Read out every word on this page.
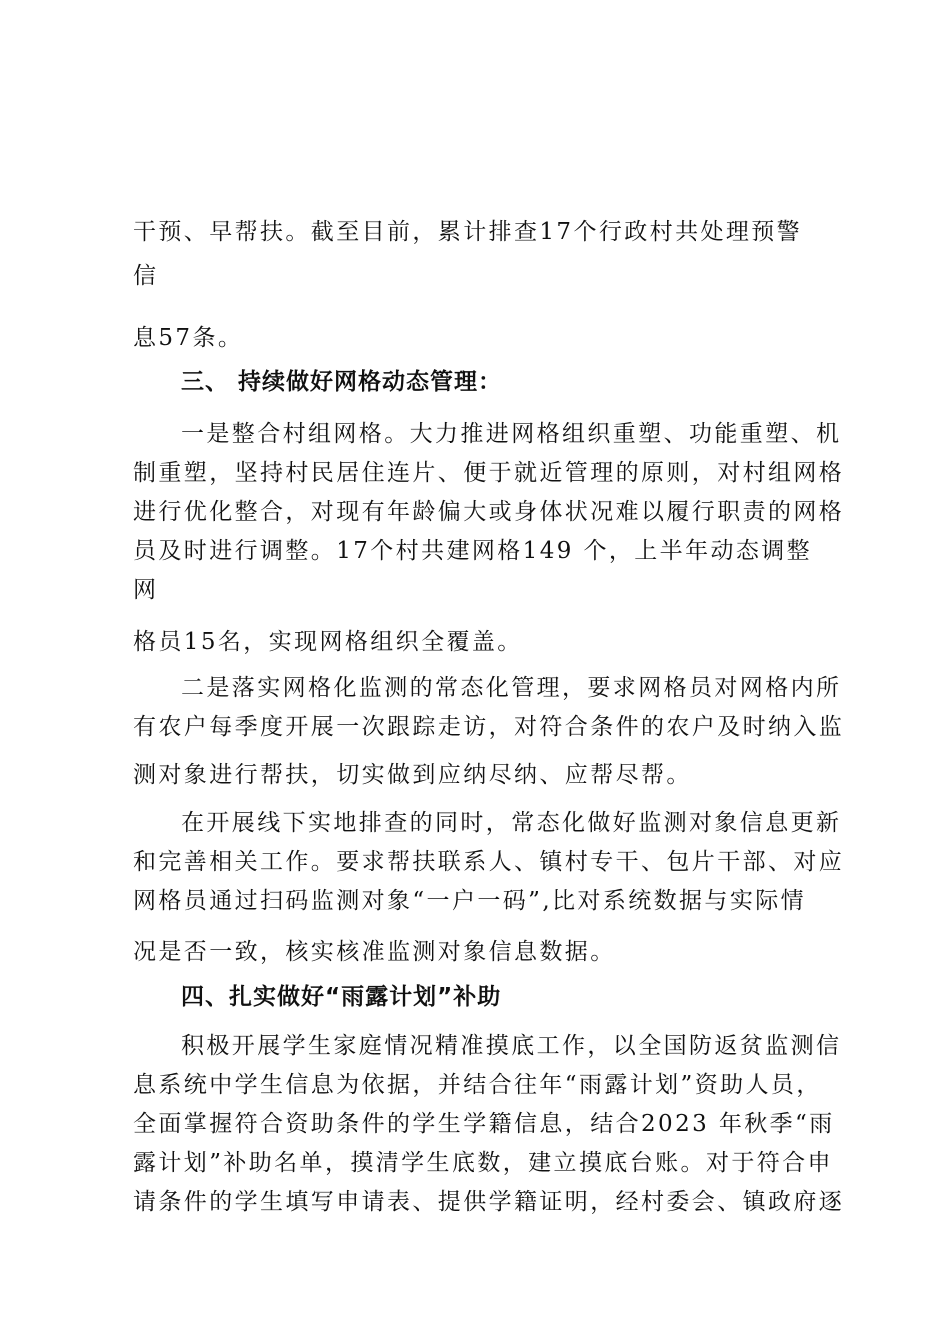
干预、早帮扶。截至目前，累计排查17个行政村共处理预警
信
息57条。
三、 持续做好网格动态管理：
一是整合村组网格。大力推进网格组织重塑、功能重塑、机
制重塑，坚持村民居住连片、便于就近管理的原则，对村组网格
进行优化整合，对现有年龄偏大或身体状况难以履行职责的网格
员及时进行调整。17个村共建网格149 个，上半年动态调整
网
格员15名，实现网格组织全覆盖。
二是落实网格化监测的常态化管理，要求网格员对网格内所
有农户每季度开展一次跟踪走访，对符合条件的农户及时纳入监
测对象进行帮扶，切实做到应纳尽纳、应帮尽帮。
在开展线下实地排查的同时，常态化做好监测对象信息更新
和完善相关工作。要求帮扶联系人、镇村专干、包片干部、对应
网格员通过扫码监测对象“一户一码”,比对系统数据与实际情
况是否一致，核实核准监测对象信息数据。
四、扎实做好“雨露计划”补助
积极开展学生家庭情况精准摸底工作，以全国防返贫监测信
息系统中学生信息为依据，并结合往年“雨露计划”资助人员，
全面掌握符合资助条件的学生学籍信息，结合2023 年秋季“雨
露计划”补助名单，摸清学生底数，建立摸底台账。对于符合申
请条件的学生填写申请表、提供学籍证明，经村委会、镇政府逐
